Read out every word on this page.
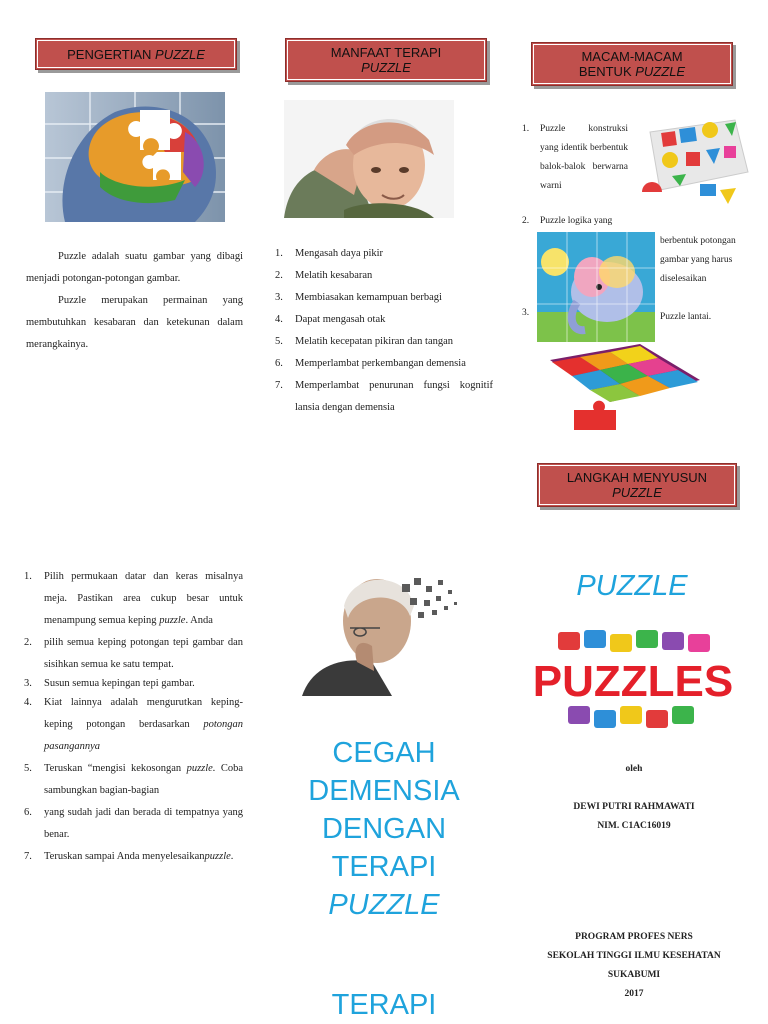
PENGERTIAN PUZZLE

Puzzle adalah suatu gambar yang dibagi menjadi potongan-potongan gambar.

Puzzle merupakan permainan yang membutuhkan kesabaran dan ketekunan dalam merangkainya.

MANFAAT TERAPI
PUZZLE
1. Mengasah daya pikir
2. Melatih kesabaran
3. Membiasakan kemampuan berbagi
4. Dapat mengasah otak
5. Melatih kecepatan pikiran dan tangan
6. Memperlambat perkembangan demensia
7. Memperlambat penurunan fungsi kognitif lansia dengan demensia
MACAM-MACAM
BENTUK PUZZLE
1.	Puzzle konstruksi yang identik berbentuk balok-balok berwarna warni
2.	Puzzle logika yang
berbentuk potongan gambar yang harus diselesaikan
3.	Puzzle lantai.
LANGKAH MENYUSUN
PUZZLE
1. Pilih permukaan datar dan keras misalnya meja. Pastikan area cukup besar untuk menampung semua keping puzzle. Anda
2. pilih semua keping potongan tepi gambar dan sisihkan semua ke satu tempat.
3. Susun semua kepingan tepi gambar.
4. Kiat lainnya adalah mengurutkan keping-keping potongan berdasarkan potongan pasangannya
5. Teruskan “mengisi kekosongan puzzle. Coba sambungkan bagian-bagian
6. yang sudah jadi dan berada di tempatnya yang benar.
7. Teruskan sampai Anda menyelesaikanpuzzle.
CEGAH
DEMENSIA
DENGAN
TERAPI
PUZZLE
TERAPI
PUZZLE
PUZZLES
oleh
DEWI PUTRI RAHMAWATI
NIM. C1AC16019
PROGRAM PROFES NERS
SEKOLAH TINGGI ILMU KESEHATAN
SUKABUMI
2017
